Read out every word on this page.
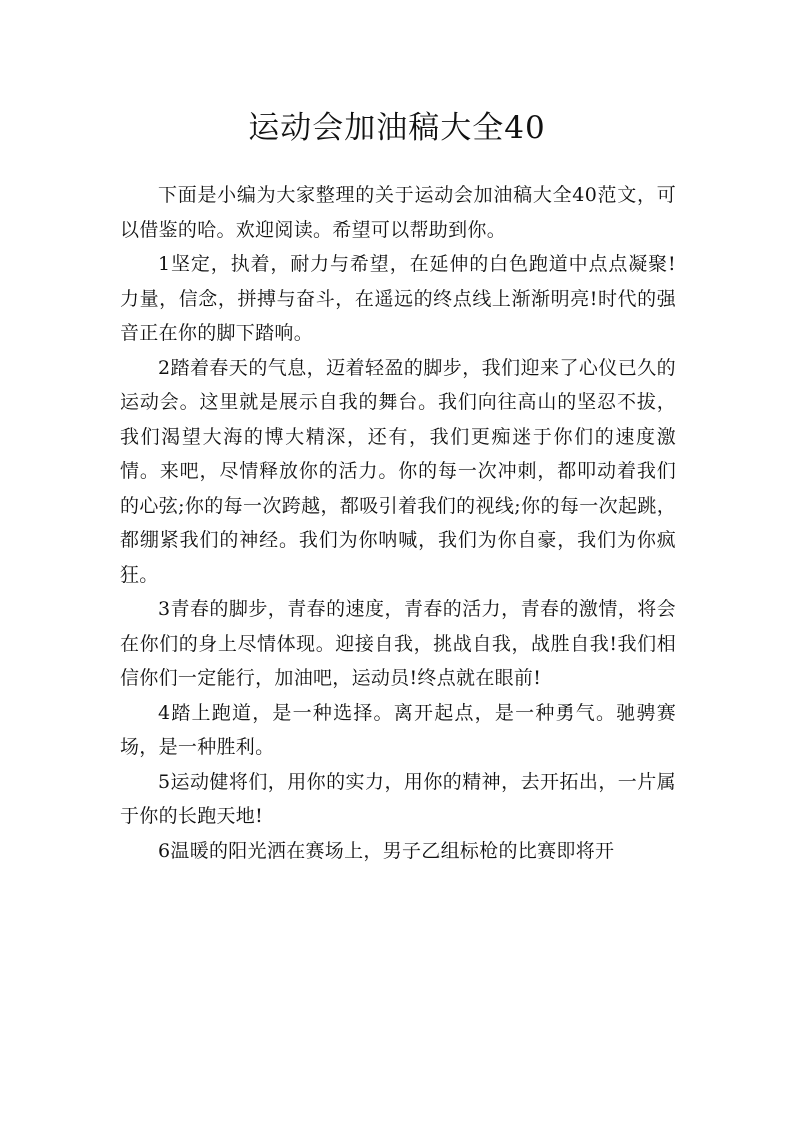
运动会加油稿大全40

下面是小编为大家整理的关于运动会加油稿大全40范文，可以借鉴的哈。欢迎阅读。希望可以帮助到你。

1坚定，执着，耐力与希望，在延伸的白色跑道中点点凝聚!力量，信念，拼搏与奋斗，在遥远的终点线上渐渐明亮!时代的强音正在你的脚下踏响。

2踏着春天的气息，迈着轻盈的脚步，我们迎来了心仪已久的运动会。这里就是展示自我的舞台。我们向往高山的坚忍不拔，我们渴望大海的博大精深，还有，我们更痴迷于你们的速度激情。来吧，尽情释放你的活力。你的每一次冲刺，都叩动着我们的心弦;你的每一次跨越，都吸引着我们的视线;你的每一次起跳，都绷紧我们的神经。我们为你呐喊，我们为你自豪，我们为你疯狂。

3青春的脚步，青春的速度，青春的活力，青春的激情，将会在你们的身上尽情体现。迎接自我，挑战自我，战胜自我!我们相信你们一定能行，加油吧，运动员!终点就在眼前!

4踏上跑道，是一种选择。离开起点，是一种勇气。驰骋赛场，是一种胜利。

5运动健将们，用你的实力，用你的精神，去开拓出，一片属于你的长跑天地!

6温暖的阳光洒在赛场上，男子乙组标枪的比赛即将开
